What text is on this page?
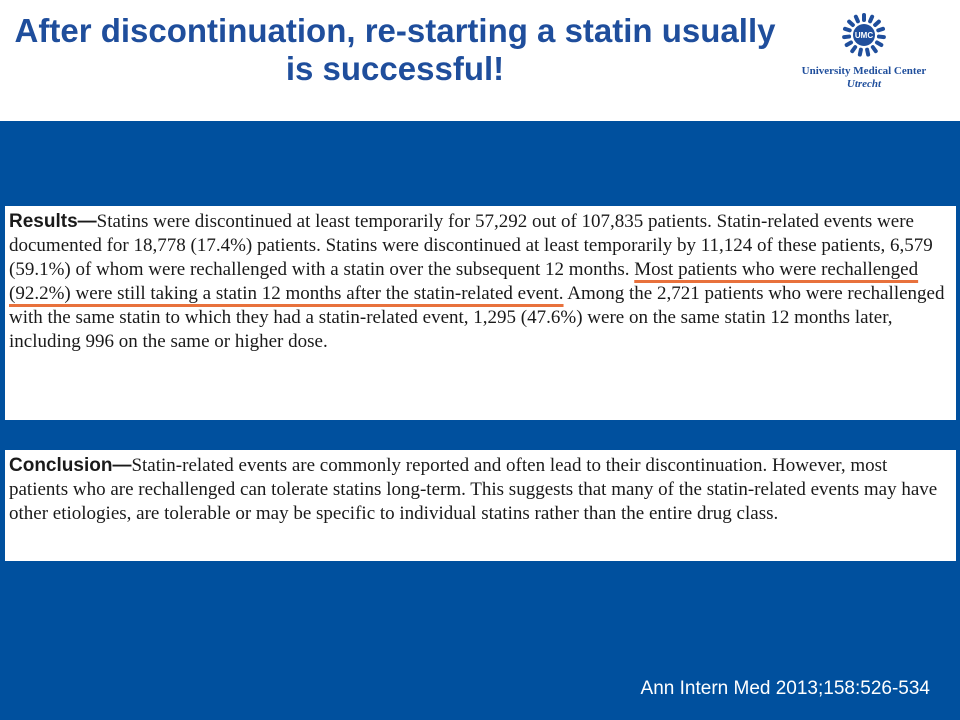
After discontinuation, re-starting a statin usually is successful!
UMC
University Medical Center
Utrecht
Results—Statins were discontinued at least temporarily for 57,292 out of 107,835 patients. Statin-related events were documented for 18,778 (17.4%) patients. Statins were discontinued at least temporarily by 11,124 of these patients, 6,579 (59.1%) of whom were rechallenged with a statin over the subsequent 12 months. Most patients who were rechallenged (92.2%) were still taking a statin 12 months after the statin-related event. Among the 2,721 patients who were rechallenged with the same statin to which they had a statin-related event, 1,295 (47.6%) were on the same statin 12 months later, including 996 on the same or higher dose.
Conclusion—Statin-related events are commonly reported and often lead to their discontinuation. However, most patients who are rechallenged can tolerate statins long-term. This suggests that many of the statin-related events may have other etiologies, are tolerable or may be specific to individual statins rather than the entire drug class.
Ann Intern Med 2013;158:526-534
